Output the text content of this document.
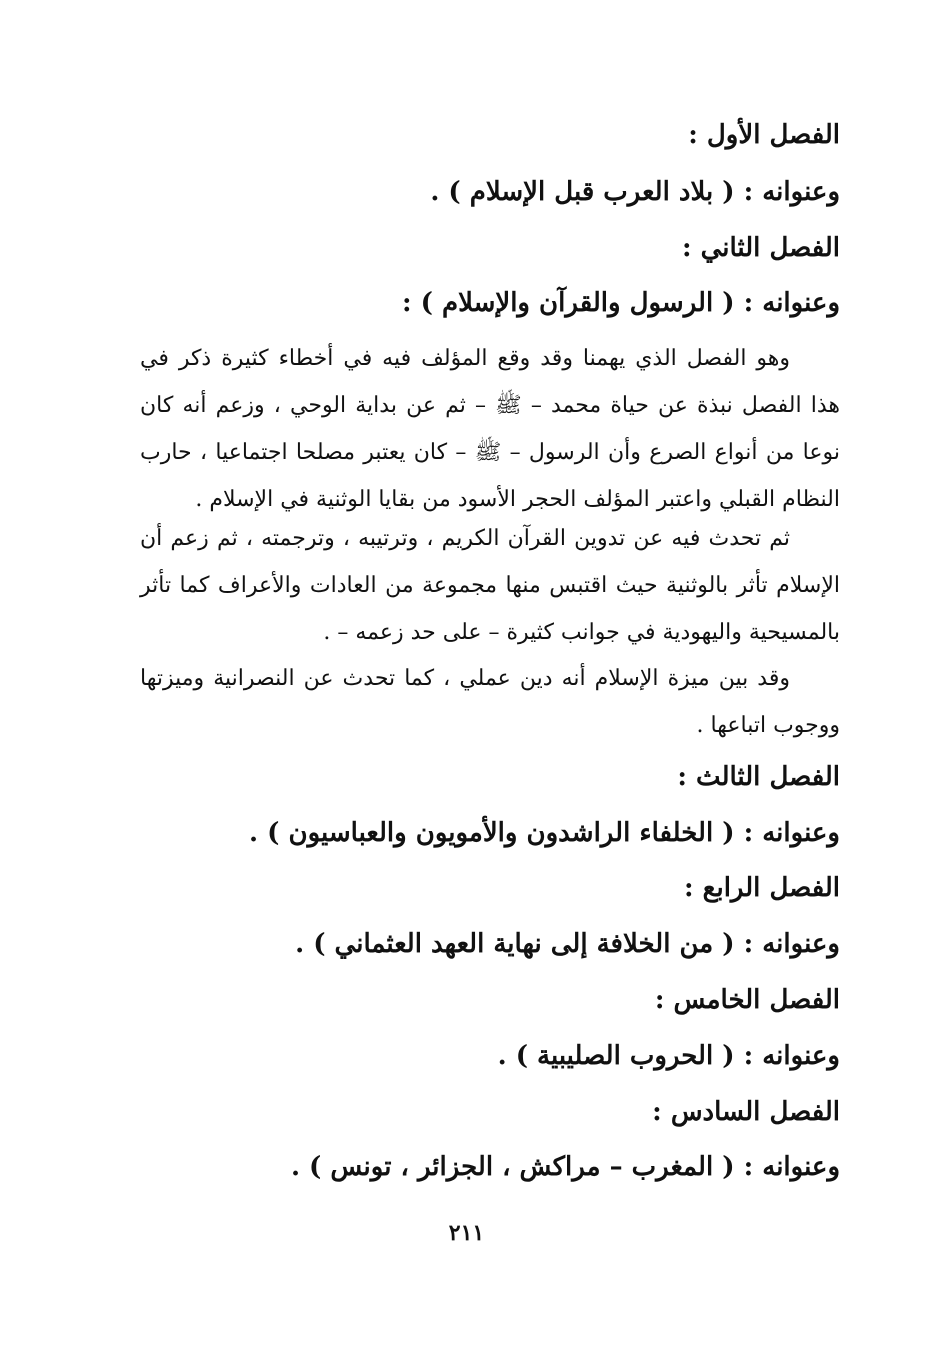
الفصل الأول :
وعنوانه : ( بلاد العرب قبل الإسلام ) .
الفصل الثاني :
وعنوانه : ( الرسول والقرآن والإسلام ) :
وهو الفصل الذي يهمنا وقد وقع المؤلف فيه في أخطاء كثيرة ذكر في هذا الفصل نبذة عن حياة محمد – ﷺ – ثم عن بداية الوحي ، وزعم أنه كان نوعا من أنواع الصرع وأن الرسول – ﷺ – كان يعتبر مصلحا اجتماعيا ، حارب النظام القبلي واعتبر المؤلف الحجر الأسود من بقايا الوثنية في الإسلام .
ثم تحدث فيه عن تدوين القرآن الكريم ، وترتيبه ، وترجمته ، ثم زعم أن الإسلام تأثر بالوثنية حيث اقتبس منها مجموعة من العادات والأعراف كما تأثر بالمسيحية واليهودية في جوانب كثيرة – على حد زعمه – .
وقد بين ميزة الإسلام أنه دين عملي ، كما تحدث عن النصرانية وميزتها ووجوب اتباعها .
الفصل الثالث :
وعنوانه : ( الخلفاء الراشدون والأمويون والعباسيون ) .
الفصل الرابع :
وعنوانه : ( من الخلافة إلى نهاية العهد العثماني ) .
الفصل الخامس :
وعنوانه : ( الحروب الصليبية ) .
الفصل السادس :
وعنوانه : ( المغرب – مراكش ، الجزائر ، تونس ) .
٢١١
